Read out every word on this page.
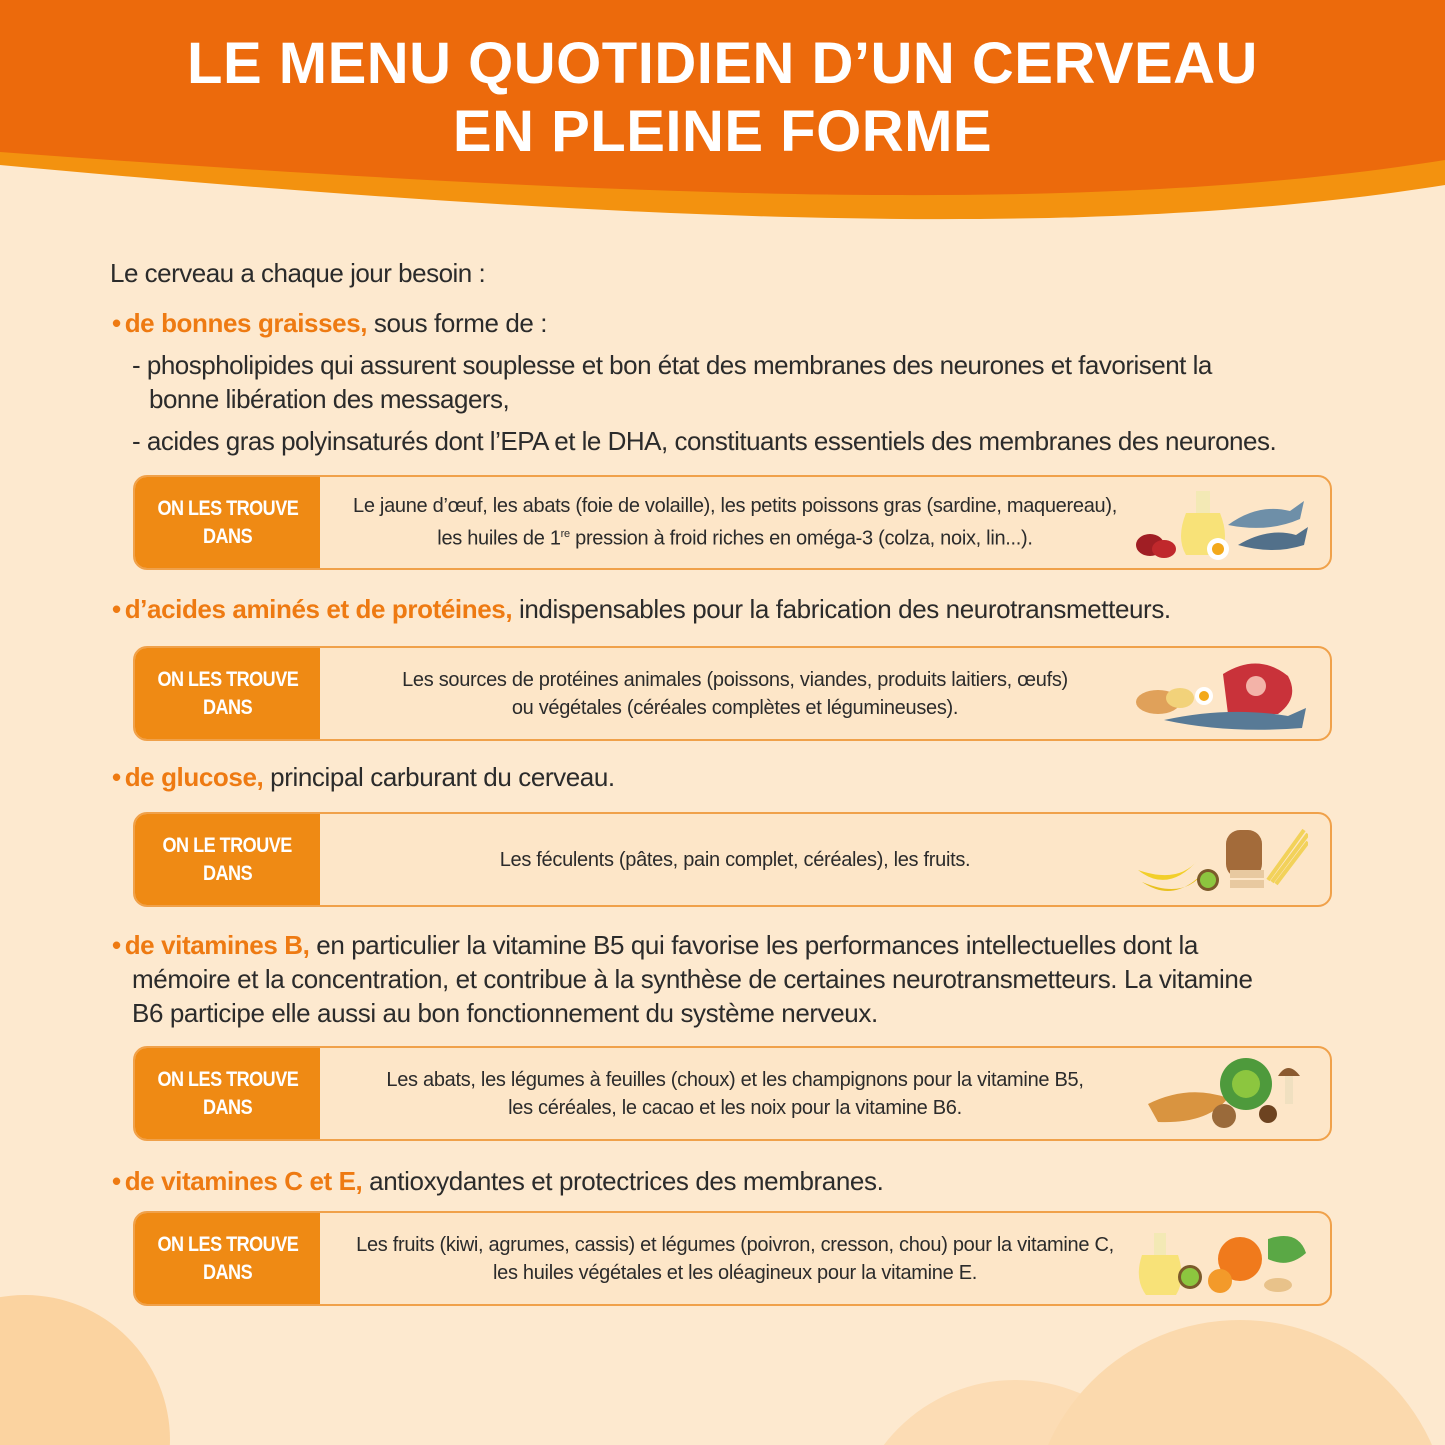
LE MENU QUOTIDIEN D’UN CERVEAU
EN PLEINE FORME
Le cerveau a chaque jour besoin :
• de bonnes graisses, sous forme de :
- phospholipides qui assurent souplesse et bon état des membranes des neurones et favorisent la
bonne libération des messagers,
- acides gras polyinsaturés dont l’EPA et le DHA, constituants essentiels des membranes des neurones.
ON LES TROUVE
DANS
Le jaune d’œuf, les abats (foie de volaille), les petits poissons gras (sardine, maquereau),
les huiles de 1re pression à froid riches en oméga-3 (colza, noix, lin...).
• d’acides aminés et de protéines, indispensables pour la fabrication des neurotransmetteurs.
ON LES TROUVE
DANS
Les sources de protéines animales (poissons, viandes, produits laitiers, œufs)
ou végétales (céréales complètes et légumineuses).
• de glucose, principal carburant du cerveau.
ON LE TROUVE
DANS
Les féculents (pâtes, pain complet, céréales), les fruits.
• de vitamines B, en particulier la vitamine B5 qui favorise les performances intellectuelles dont la
mémoire et la concentration, et contribue à la synthèse de certaines neurotransmetteurs. La vitamine
B6 participe elle aussi au bon fonctionnement du système nerveux.
ON LES TROUVE
DANS
Les abats, les légumes à feuilles (choux) et les champignons pour la vitamine B5,
les céréales, le cacao et les noix pour la vitamine B6.
• de vitamines C et E, antioxydantes et protectrices des membranes.
ON LES TROUVE
DANS
Les fruits (kiwi, agrumes, cassis) et légumes (poivron, cresson, chou) pour la vitamine C,
les huiles végétales et les oléagineux pour la vitamine E.
